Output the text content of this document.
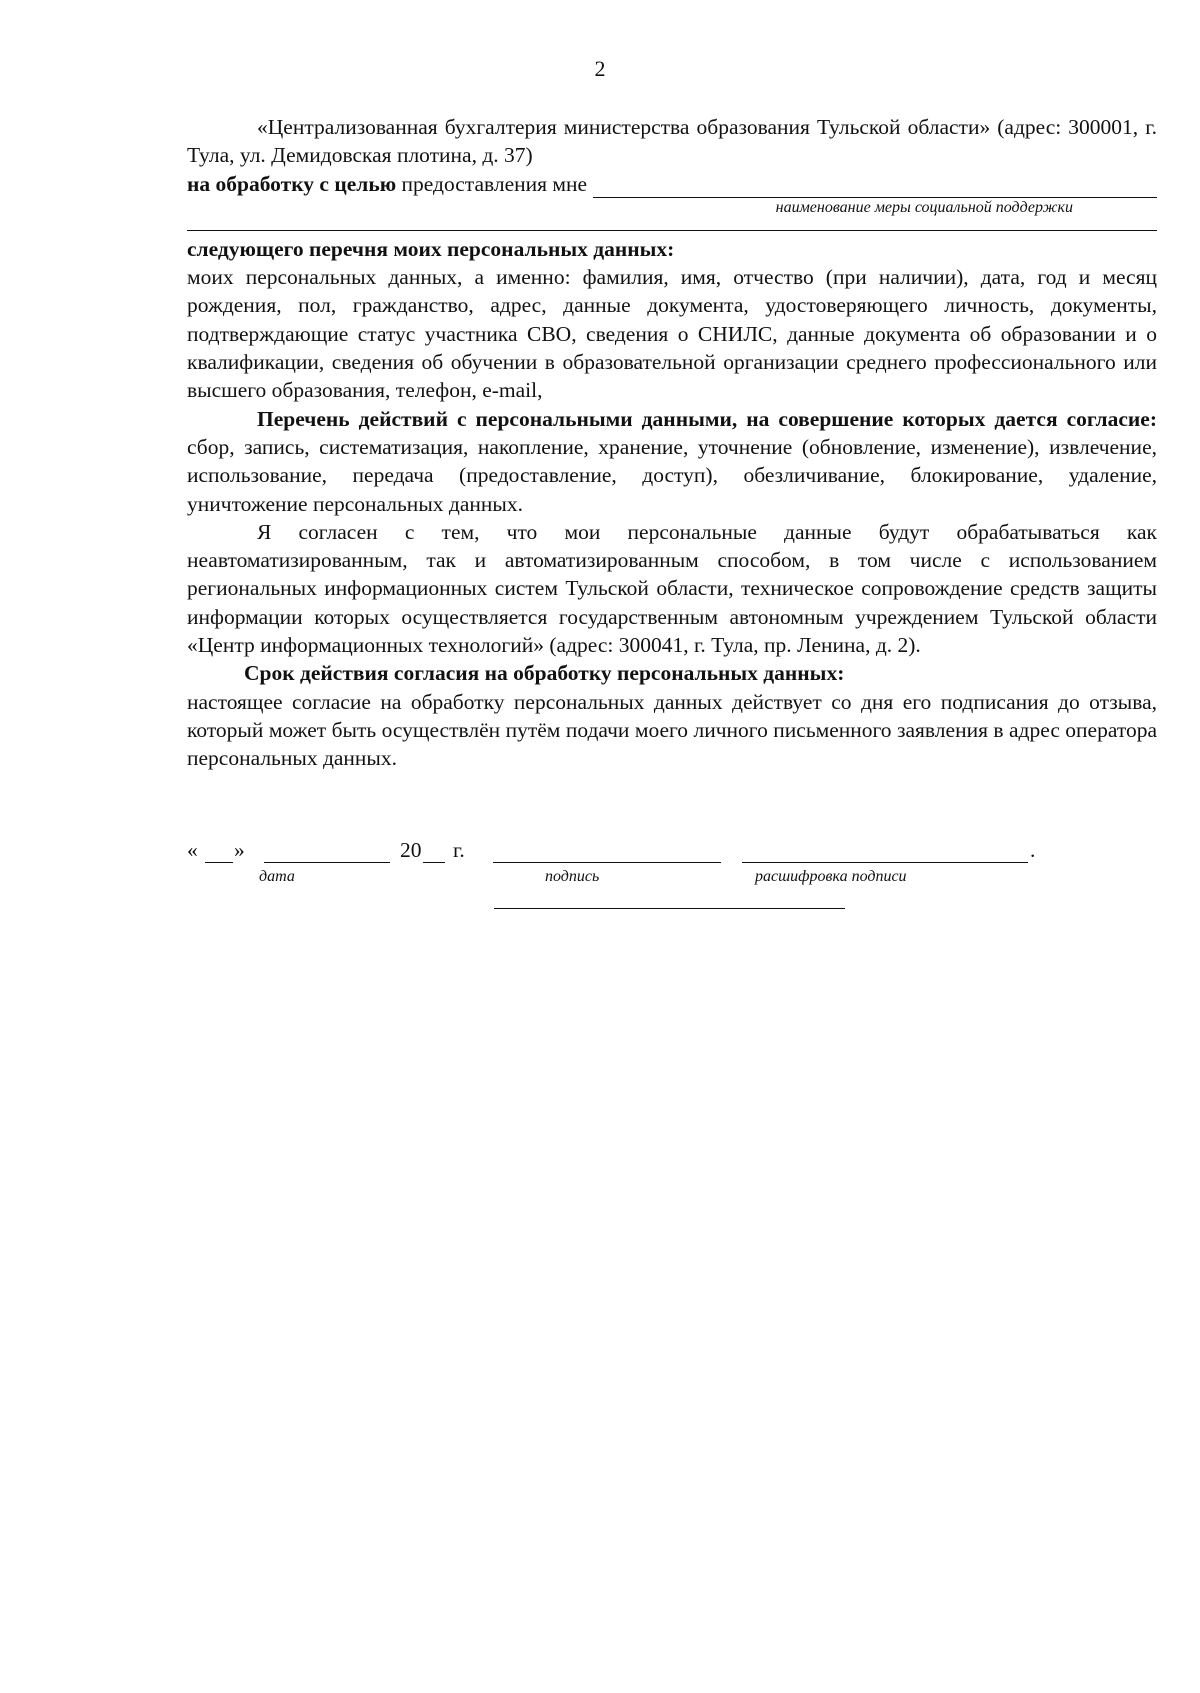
2

«Централизованная бухгалтерия министерства образования Тульской области» (адрес: 300001, г. Тула, ул. Демидовская плотина, д. 37)

на обработку с целью
предоставления мне
наименование меры социальной поддержки

следующего перечня моих персональных данных:

моих персональных данных, а именно: фамилия, имя, отчество (при наличии), дата, год и месяц рождения, пол, гражданство, адрес, данные документа, удостоверяющего личность, документы, подтверждающие статус участника СВО, сведения о СНИЛС, данные документа об образовании и о квалификации, сведения об обучении в образовательной организации среднего профессионального или высшего образования, телефон, e-mail,

Перечень действий с персональными данными, на совершение которых дается согласие: сбор, запись, систематизация, накопление, хранение, уточнение (обновление, изменение), извлечение, использование, передача (предоставление, доступ), обезличивание, блокирование, удаление, уничтожение персональных данных.

Я согласен с тем, что мои персональные данные будут обрабатываться как неавтоматизированным, так и автоматизированным способом, в том числе с использованием региональных информационных систем Тульской области, техническое сопровождение средств защиты информации которых осуществляется государственным автономным учреждением Тульской области «Центр информационных технологий» (адрес: 300041, г. Тула, пр. Ленина, д. 2).

Срок действия согласия на обработку персональных данных:

настоящее согласие на обработку персональных данных действует со дня его подписания до отзыва, который может быть осуществлён путём подачи моего личного письменного заявления в адрес оператора персональных данных.

« »	20 г.	.
дата	подпись	расшифровка подписи
